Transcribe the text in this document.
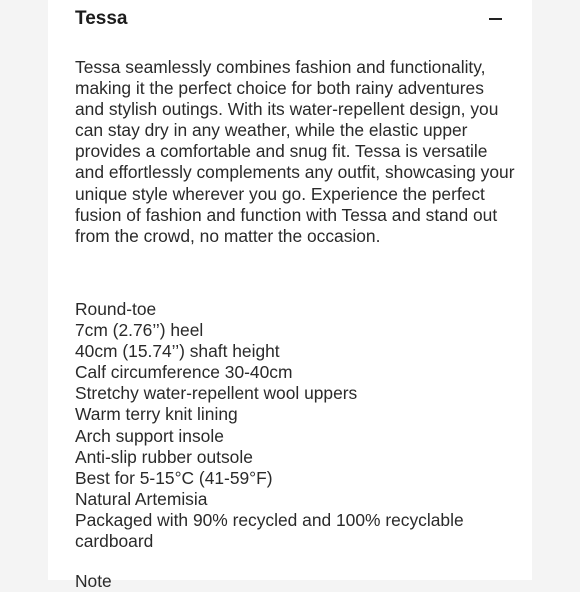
Tessa

Tessa seamlessly combines fashion and functionality, making it the perfect choice for both rainy adventures and stylish outings. With its water-repellent design, you can stay dry in any weather, while the elastic upper provides a comfortable and snug fit. Tessa is versatile and effortlessly complements any outfit, showcasing your unique style wherever you go. Experience the perfect fusion of fashion and function with Tessa and stand out from the crowd, no matter the occasion.

Round-toe
7cm (2.76’’) heel
40cm (15.74’’) shaft height
Calf circumference 30-40cm
Stretchy water-repellent wool uppers
Warm terry knit lining
Arch support insole
Anti-slip rubber outsole
Best for 5-15°C (41-59°F)
Natural Artemisia
Packaged with 90% recycled and 100% recyclable cardboard
Note
